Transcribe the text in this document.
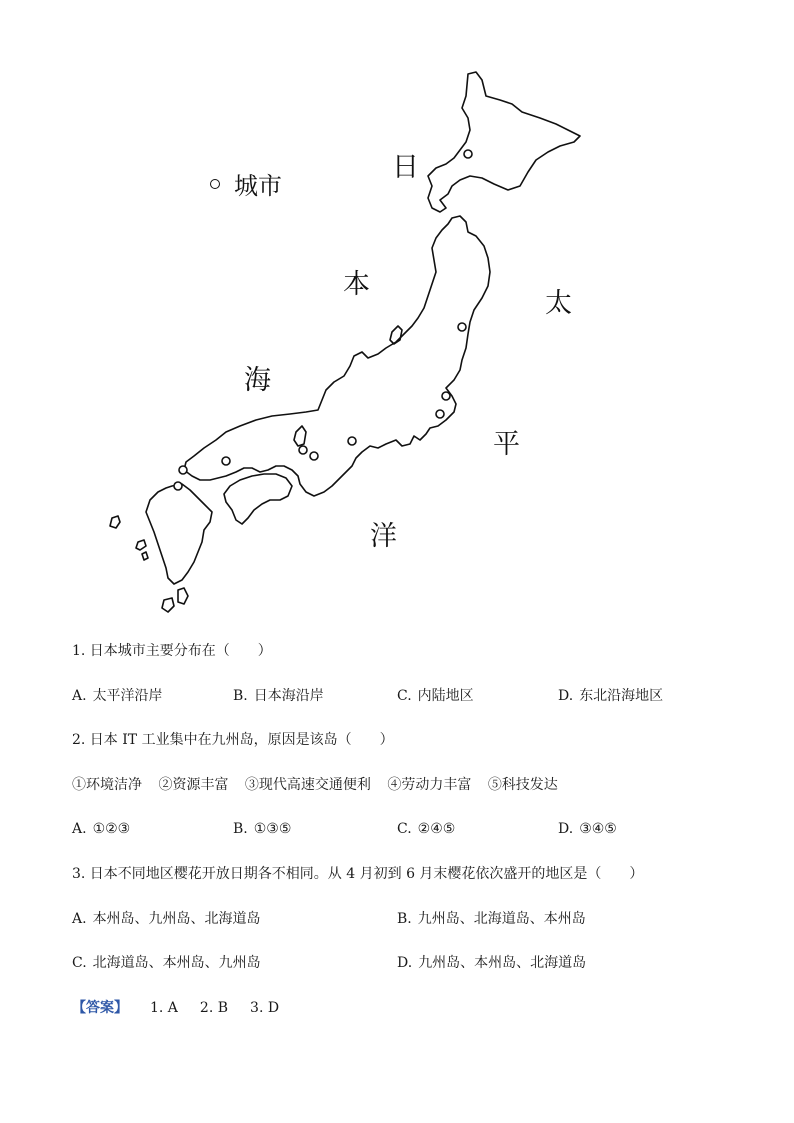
城市
日
本
海
太
平
洋
1. 日本城市主要分布在（　　）
A. 太平洋沿岸	B. 日本海沿岸	C. 内陆地区	D. 东北沿海地区
2. 日本 IT 工业集中在九州岛，原因是该岛（　　）
①环境洁净 ②资源丰富 ③现代高速交通便利 ④劳动力丰富 ⑤科技发达
A. ①②③	B. ①③⑤	C. ②④⑤	D. ③④⑤
3. 日本不同地区樱花开放日期各不相同。从 4 月初到 6 月末樱花依次盛开的地区是（　　）
A. 本州岛、九州岛、北海道岛	B. 九州岛、北海道岛、本州岛
C. 北海道岛、本州岛、九州岛	D. 九州岛、本州岛、北海道岛
【答案】 1. A 2. B 3. D
